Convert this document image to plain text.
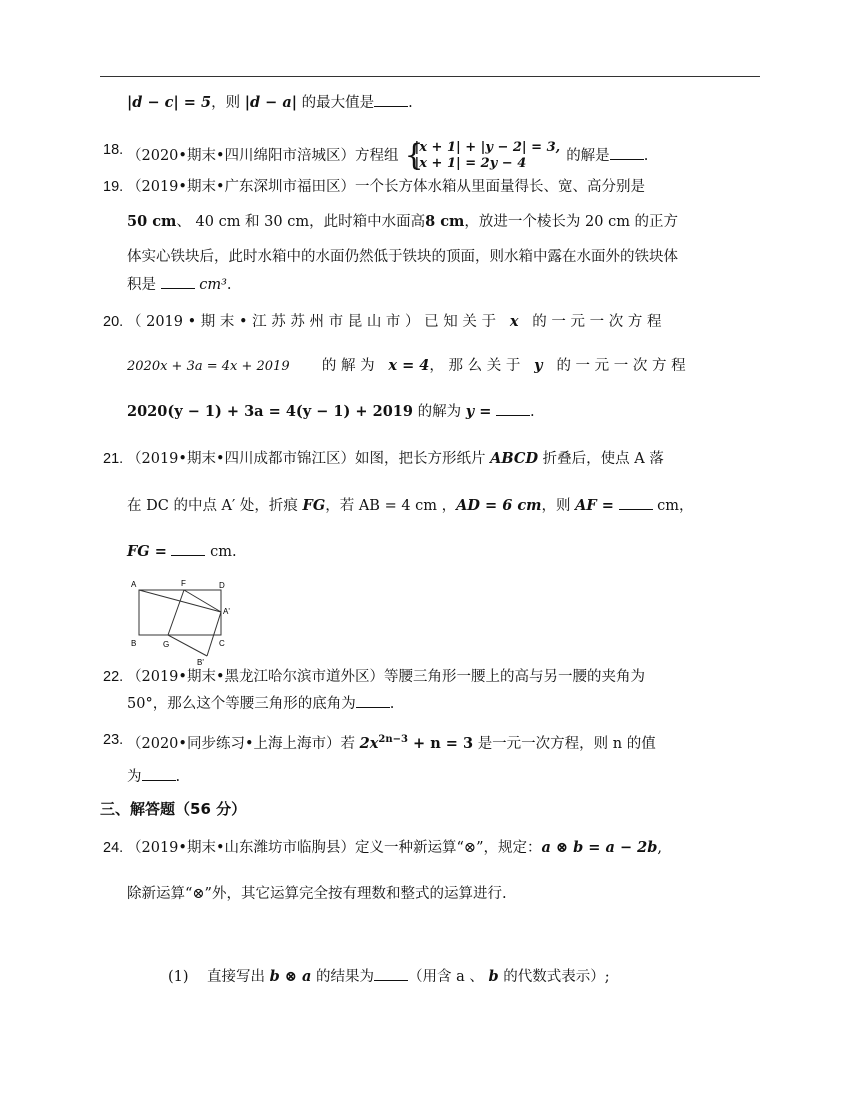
|d − c| = 5，则 |d − a| 的最大值是 .
18. （2020•期末•四川绵阳市涪城区）方程组 {
|x + 1| + |y − 2| = 3,
|x + 1| = 2y − 4	的解是 .
19. （2019•期末•广东深圳市福田区）一个长方体水箱从里面量得长、宽、高分别是
50 cm、 40 cm 和 30 cm，此时箱中水面高8 cm，放进一个棱长为 20 cm 的正方
体实心铁块后，此时水箱中的水面仍然低于铁块的顶面，则水箱中露在水面外的铁块体
积是	cm³.
20. （ 2019 • 期 末 • 江 苏 苏 州 市 昆 山 市 ） 已 知 关 于 x 的 一 元 一 次 方 程
2020x + 3a = 4x + 2019 的 解 为 x = 4， 那 么 关 于 y 的 一 元 一 次 方 程
2020(y − 1) + 3a = 4(y − 1) + 2019 的解为 y =	.
21. （2019•期末•四川成都市锦江区）如图，把长方形纸片 ABCD 折叠后，使点 A 落
在 DC 的中点 A′ 处，折痕 FG，若 AB = 4 cm ，AD = 6 cm，则 AF =	cm，
FG =	cm.
A	F	D
A'
B	G	C
B'
22. （2019•期末•黑龙江哈尔滨市道外区）等腰三角形一腰上的高与另一腰的夹角为
50°，那么这个等腰三角形的底角为 .
23. （2020•同步练习•上海上海市）若 $2x^{2n-3} + n = 3$ 是一元一次方程，则 n 的值
为 .
三、解答题（56 分）
24. （2019•期末•山东潍坊市临朐县）定义一种新运算“⊗”，规定：a ⊗ b = a − 2b,
除新运算“⊗”外，其它运算完全按有理数和整式的运算进行.
(1) 直接写出 b ⊗ a 的结果为 （用含 a 、 b 的代数式表示）;
